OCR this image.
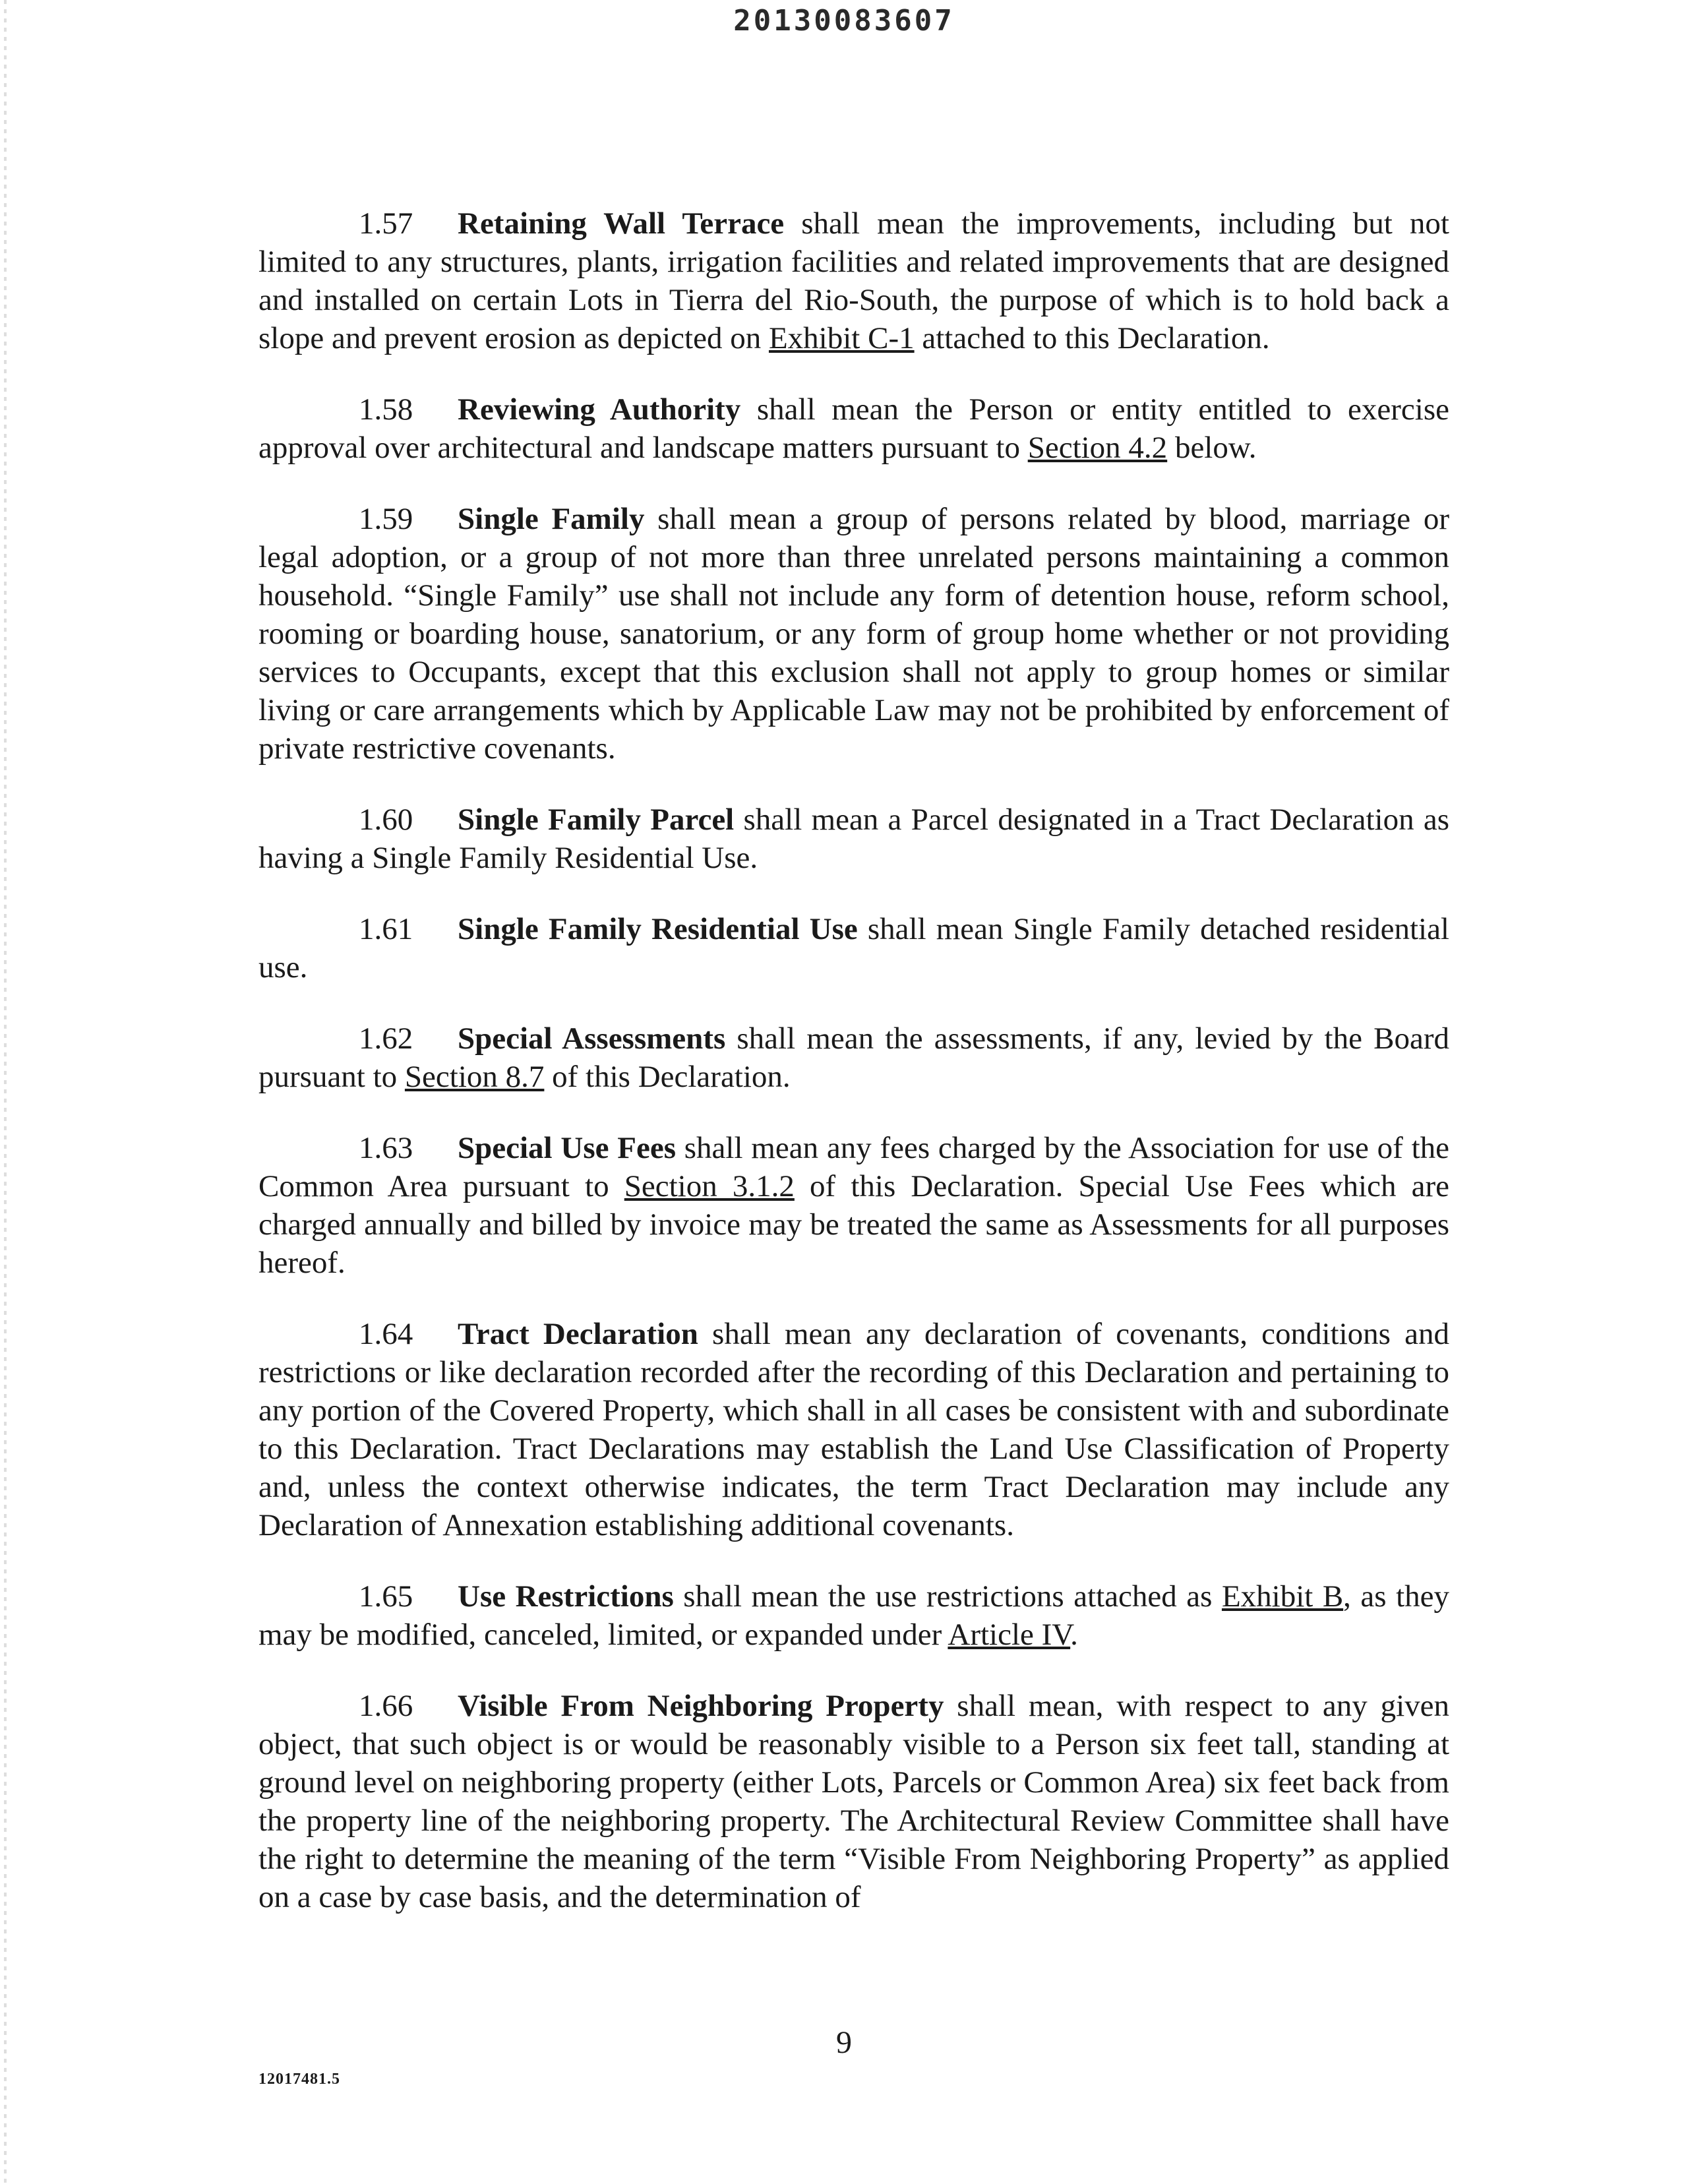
20130083607

1.57 Retaining Wall Terrace shall mean the improvements, including but not limited to any structures, plants, irrigation facilities and related improvements that are designed and installed on certain Lots in Tierra del Rio-South, the purpose of which is to hold back a slope and prevent erosion as depicted on Exhibit C-1 attached to this Declaration.

1.58 Reviewing Authority shall mean the Person or entity entitled to exercise approval over architectural and landscape matters pursuant to Section 4.2 below.

1.59 Single Family shall mean a group of persons related by blood, marriage or legal adoption, or a group of not more than three unrelated persons maintaining a common household. “Single Family” use shall not include any form of detention house, reform school, rooming or boarding house, sanatorium, or any form of group home whether or not providing services to Occupants, except that this exclusion shall not apply to group homes or similar living or care arrangements which by Applicable Law may not be prohibited by enforcement of private restrictive covenants.

1.60 Single Family Parcel shall mean a Parcel designated in a Tract Declaration as having a Single Family Residential Use.

1.61 Single Family Residential Use shall mean Single Family detached residential use.

1.62 Special Assessments shall mean the assessments, if any, levied by the Board pursuant to Section 8.7 of this Declaration.

1.63 Special Use Fees shall mean any fees charged by the Association for use of the Common Area pursuant to Section 3.1.2 of this Declaration. Special Use Fees which are charged annually and billed by invoice may be treated the same as Assessments for all purposes hereof.

1.64 Tract Declaration shall mean any declaration of covenants, conditions and restrictions or like declaration recorded after the recording of this Declaration and pertaining to any portion of the Covered Property, which shall in all cases be consistent with and subordinate to this Declaration. Tract Declarations may establish the Land Use Classification of Property and, unless the context otherwise indicates, the term Tract Declaration may include any Declaration of Annexation establishing additional covenants.

1.65 Use Restrictions shall mean the use restrictions attached as Exhibit B, as they may be modified, canceled, limited, or expanded under Article IV.

1.66 Visible From Neighboring Property shall mean, with respect to any given object, that such object is or would be reasonably visible to a Person six feet tall, standing at ground level on neighboring property (either Lots, Parcels or Common Area) six feet back from the property line of the neighboring property. The Architectural Review Committee shall have the right to determine the meaning of the term “Visible From Neighboring Property” as applied on a case by case basis, and the determination of

9
12017481.5
